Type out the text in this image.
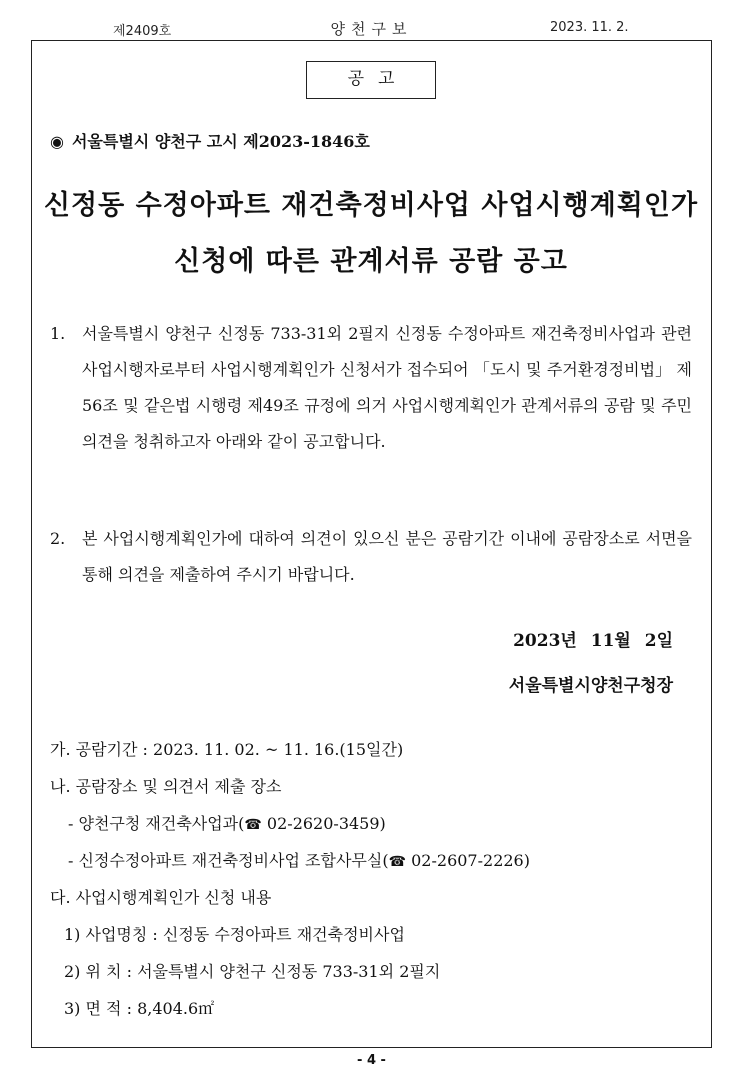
제2409호	양천구보	2023. 11. 2.
공고
◉ 서울특별시 양천구 고시 제2023-1846호
신정동 수정아파트 재건축정비사업 사업시행계획인가
신청에 따른 관계서류 공람 공고
1. 서울특별시 양천구 신정동 733-31외 2필지 신정동 수정아파트 재건축정비사업과 관련 사업시행자로부터 사업시행계획인가 신청서가 접수되어 「도시 및 주거환경정비법」 제56조 및 같은법 시행령 제49조 규정에 의거 사업시행계획인가 관계서류의 공람 및 주민의견을 청취하고자 아래와 같이 공고합니다.
2. 본 사업시행계획인가에 대하여 의견이 있으신 분은 공람기간 이내에 공람장소로 서면을 통해 의견을 제출하여 주시기 바랍니다.
2023년 11월 2일
서울특별시양천구청장
가. 공람기간 : 2023. 11. 02. ~ 11. 16.(15일간)
나. 공람장소 및 의견서 제출 장소
- 양천구청 재건축사업과(☎ 02-2620-3459)
- 신정수정아파트 재건축정비사업 조합사무실(☎ 02-2607-2226)
다. 사업시행계획인가 신청 내용
1) 사업명칭 : 신정동 수정아파트 재건축정비사업
2) 위 치 : 서울특별시 양천구 신정동 733-31외 2필지
3) 면 적 : 8,404.6㎡
- 4 -
